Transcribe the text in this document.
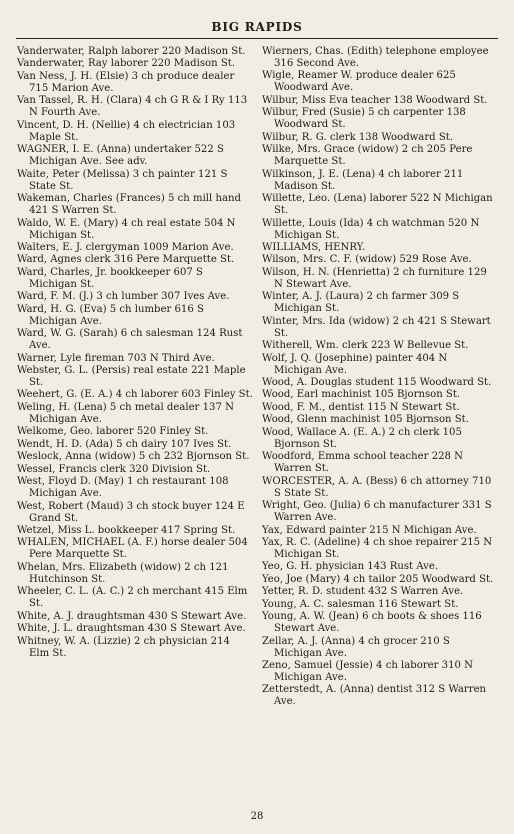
BIG RAPIDS
Vanderwater, Ralph laborer 220 Madison St.
Vanderwater, Ray laborer 220 Madison St.
Van Ness, J. H. (Elsie) 3 ch produce dealer 715 Marion Ave.
Van Tassel, R. H. (Clara) 4 ch G R & I Ry 113 N Fourth Ave.
Vincent, D. H. (Nellie) 4 ch electrician 103 Maple St.
WAGNER, I. E. (Anna) undertaker 522 S Michigan Ave. See adv.
Waite, Peter (Melissa) 3 ch painter 121 S State St.
Wakeman, Charles (Frances) 5 ch mill hand 421 S Warren St.
Waldo, W. E. (Mary) 4 ch real estate 504 N Michigan St.
Walters, E. J. clergyman 1009 Marion Ave.
Ward, Agnes clerk 316 Pere Marquette St.
Ward, Charles, Jr. bookkeeper 607 S Michigan St.
Ward, F. M. (J.) 3 ch lumber 307 Ives Ave.
Ward, H. G. (Eva) 5 ch lumber 616 S Michigan Ave.
Ward, W. G. (Sarah) 6 ch salesman 124 Rust Ave.
Warner, Lyle fireman 703 N Third Ave.
Webster, G. L. (Persis) real estate 221 Maple St.
Weehert, G. (E. A.) 4 ch laborer 603 Finley St.
Weling, H. (Lena) 5 ch metal dealer 137 N Michigan Ave.
Welkome, Geo. laborer 520 Finley St.
Wendt, H. D. (Ada) 5 ch dairy 107 Ives St.
Weslock, Anna (widow) 5 ch 232 Bjornson St.
Wessel, Francis clerk 320 Division St.
West, Floyd D. (May) 1 ch restaurant 108 Michigan Ave.
West, Robert (Maud) 3 ch stock buyer 124 E Grand St.
Wetzel, Miss L. bookkeeper 417 Spring St.
WHALEN, MICHAEL (A. F.) horse dealer 504 Pere Marquette St.
Whelan, Mrs. Elizabeth (widow) 2 ch 121 Hutchinson St.
Wheeler, C. L. (A. C.) 2 ch merchant 415 Elm St.
White, A. J. draughtsman 430 S Stewart Ave.
White, J. L. draughtsman 430 S Stewart Ave.
Whitney, W. A. (Lizzie) 2 ch physician 214 Elm St.
Wierners, Chas. (Edith) telephone employee 316 Second Ave.
Wigle, Reamer W. produce dealer 625 Woodward Ave.
Wilbur, Miss Eva teacher 138 Woodward St.
Wilbur, Fred (Susie) 5 ch carpenter 138 Woodward St.
Wilbur, R. G. clerk 138 Woodward St.
Wilke, Mrs. Grace (widow) 2 ch 205 Pere Marquette St.
Wilkinson, J. E. (Lena) 4 ch laborer 211 Madison St.
Willette, Leo. (Lena) laborer 522 N Michigan St.
Willette, Louis (Ida) 4 ch watchman 520 N Michigan St.
WILLIAMS, HENRY.
Wilson, Mrs. C. F. (widow) 529 Rose Ave.
Wilson, H. N. (Henrietta) 2 ch furniture 129 N Stewart Ave.
Winter, A. J. (Laura) 2 ch farmer 309 S Michigan St.
Winter, Mrs. Ida (widow) 2 ch 421 S Stewart St.
Witherell, Wm. clerk 223 W Bellevue St.
Wolf, J. Q. (Josephine) painter 404 N Michigan Ave.
Wood, A. Douglas student 115 Woodward St.
Wood, Earl machinist 105 Bjornson St.
Wood, F. M., dentist 115 N Stewart St.
Wood, Glenn machinist 105 Bjornson St.
Wood, Wallace A. (E. A.) 2 ch clerk 105 Bjornson St.
Woodford, Emma school teacher 228 N Warren St.
WORCESTER, A. A. (Bess) 6 ch attorney 710 S State St.
Wright, Geo. (Julia) 6 ch manufacturer 331 S Warren Ave.
Yax, Edward painter 215 N Michigan Ave.
Yax, R. C. (Adeline) 4 ch shoe repairer 215 N Michigan St.
Yeo, G. H. physician 143 Rust Ave.
Yeo, Joe (Mary) 4 ch tailor 205 Woodward St.
Yetter, R. D. student 432 S Warren Ave.
Young, A. C. salesman 116 Stewart St.
Young, A. W. (Jean) 6 ch boots & shoes 116 Stewart Ave.
Zellar, A. J. (Anna) 4 ch grocer 210 S Michigan Ave.
Zeno, Samuel (Jessie) 4 ch laborer 310 N Michigan Ave.
Zetterstedt, A. (Anna) dentist 312 S Warren Ave.
28
